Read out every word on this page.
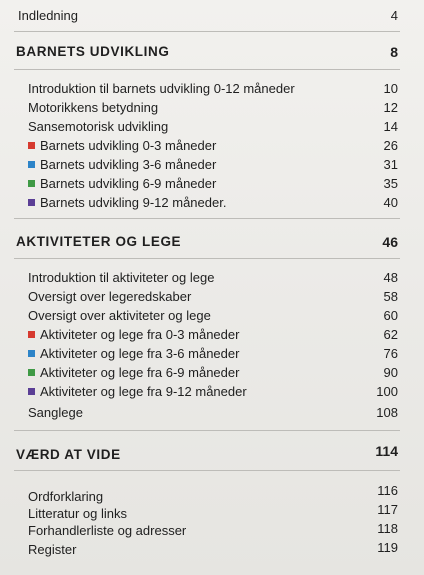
Indledning	4
BARNETS UDVIKLING	8
Introduktion til barnets udvikling 0-12 måneder	10
Motorikkens betydning	12
Sansemotorisk udvikling	14
Barnets udvikling 0-3 måneder	26
Barnets udvikling 3-6 måneder	31
Barnets udvikling 6-9 måneder	35
Barnets udvikling 9-12 måneder.	40
AKTIVITETER OG LEGE	46
Introduktion til aktiviteter og lege	48
Oversigt over legeredskaber	58
Oversigt over aktiviteter og lege	60
Aktiviteter og lege fra 0-3 måneder	62
Aktiviteter og lege fra 3-6 måneder	76
Aktiviteter og lege fra 6-9 måneder	90
Aktiviteter og lege fra 9-12 måneder	100
Sanglege	108
VÆRD AT VIDE	114
Ordforklaring	116
Litteratur og links	117
Forhandlerliste og adresser	118
Register	119
